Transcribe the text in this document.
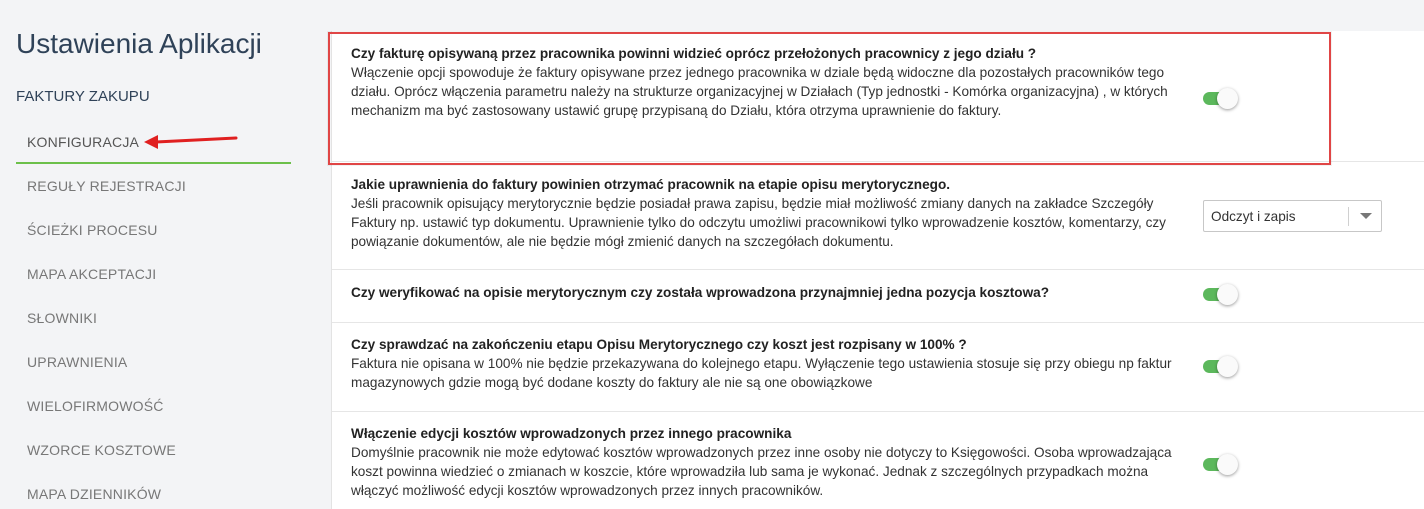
Ustawienia Aplikacji
FAKTURY ZAKUPU
KONFIGURACJA
REGUŁY REJESTRACJI
ŚCIEŻKI PROCESU
MAPA AKCEPTACJI
SŁOWNIKI
UPRAWNIENIA
WIELOFIRMOWOŚĆ
WZORCE KOSZTOWE
MAPA DZIENNIKÓW
Czy fakturę opisywaną przez pracownika powinni widzieć oprócz przełożonych pracownicy z jego działu ?
Włączenie opcji spowoduje że faktury opisywane przez jednego pracownika w dziale będą widoczne dla pozostałych pracowników tego działu. Oprócz włączenia parametru należy na strukturze organizacyjnej w Działach (Typ jednostki - Komórka organizacyjna) , w których mechanizm ma być zastosowany ustawić grupę przypisaną do Działu, która otrzyma uprawnienie do faktury.
Jakie uprawnienia do faktury powinien otrzymać pracownik na etapie opisu merytorycznego.
Jeśli pracownik opisujący merytorycznie będzie posiadał prawa zapisu, będzie miał możliwość zmiany danych na zakładce Szczegóły Faktury np. ustawić typ dokumentu. Uprawnienie tylko do odczytu umożliwi pracownikowi tylko wprowadzenie kosztów, komentarzy, czy powiązanie dokumentów, ale nie będzie mógł zmienić danych na szczegółach dokumentu.
Odczyt i zapis
Czy weryfikować na opisie merytorycznym czy została wprowadzona przynajmniej jedna pozycja kosztowa?
Czy sprawdzać na zakończeniu etapu Opisu Merytorycznego czy koszt jest rozpisany w 100% ?
Faktura nie opisana w 100% nie będzie przekazywana do kolejnego etapu. Wyłączenie tego ustawienia stosuje się przy obiegu np faktur magazynowych gdzie mogą być dodane koszty do faktury ale nie są one obowiązkowe
Włączenie edycji kosztów wprowadzonych przez innego pracownika
Domyślnie pracownik nie może edytować kosztów wprowadzonych przez inne osoby nie dotyczy to Księgowości. Osoba wprowadzająca koszt powinna wiedzieć o zmianach w koszcie, które wprowadziła lub sama je wykonać. Jednak z szczególnych przypadkach można włączyć możliwość edycji kosztów wprowadzonych przez innych pracowników.
